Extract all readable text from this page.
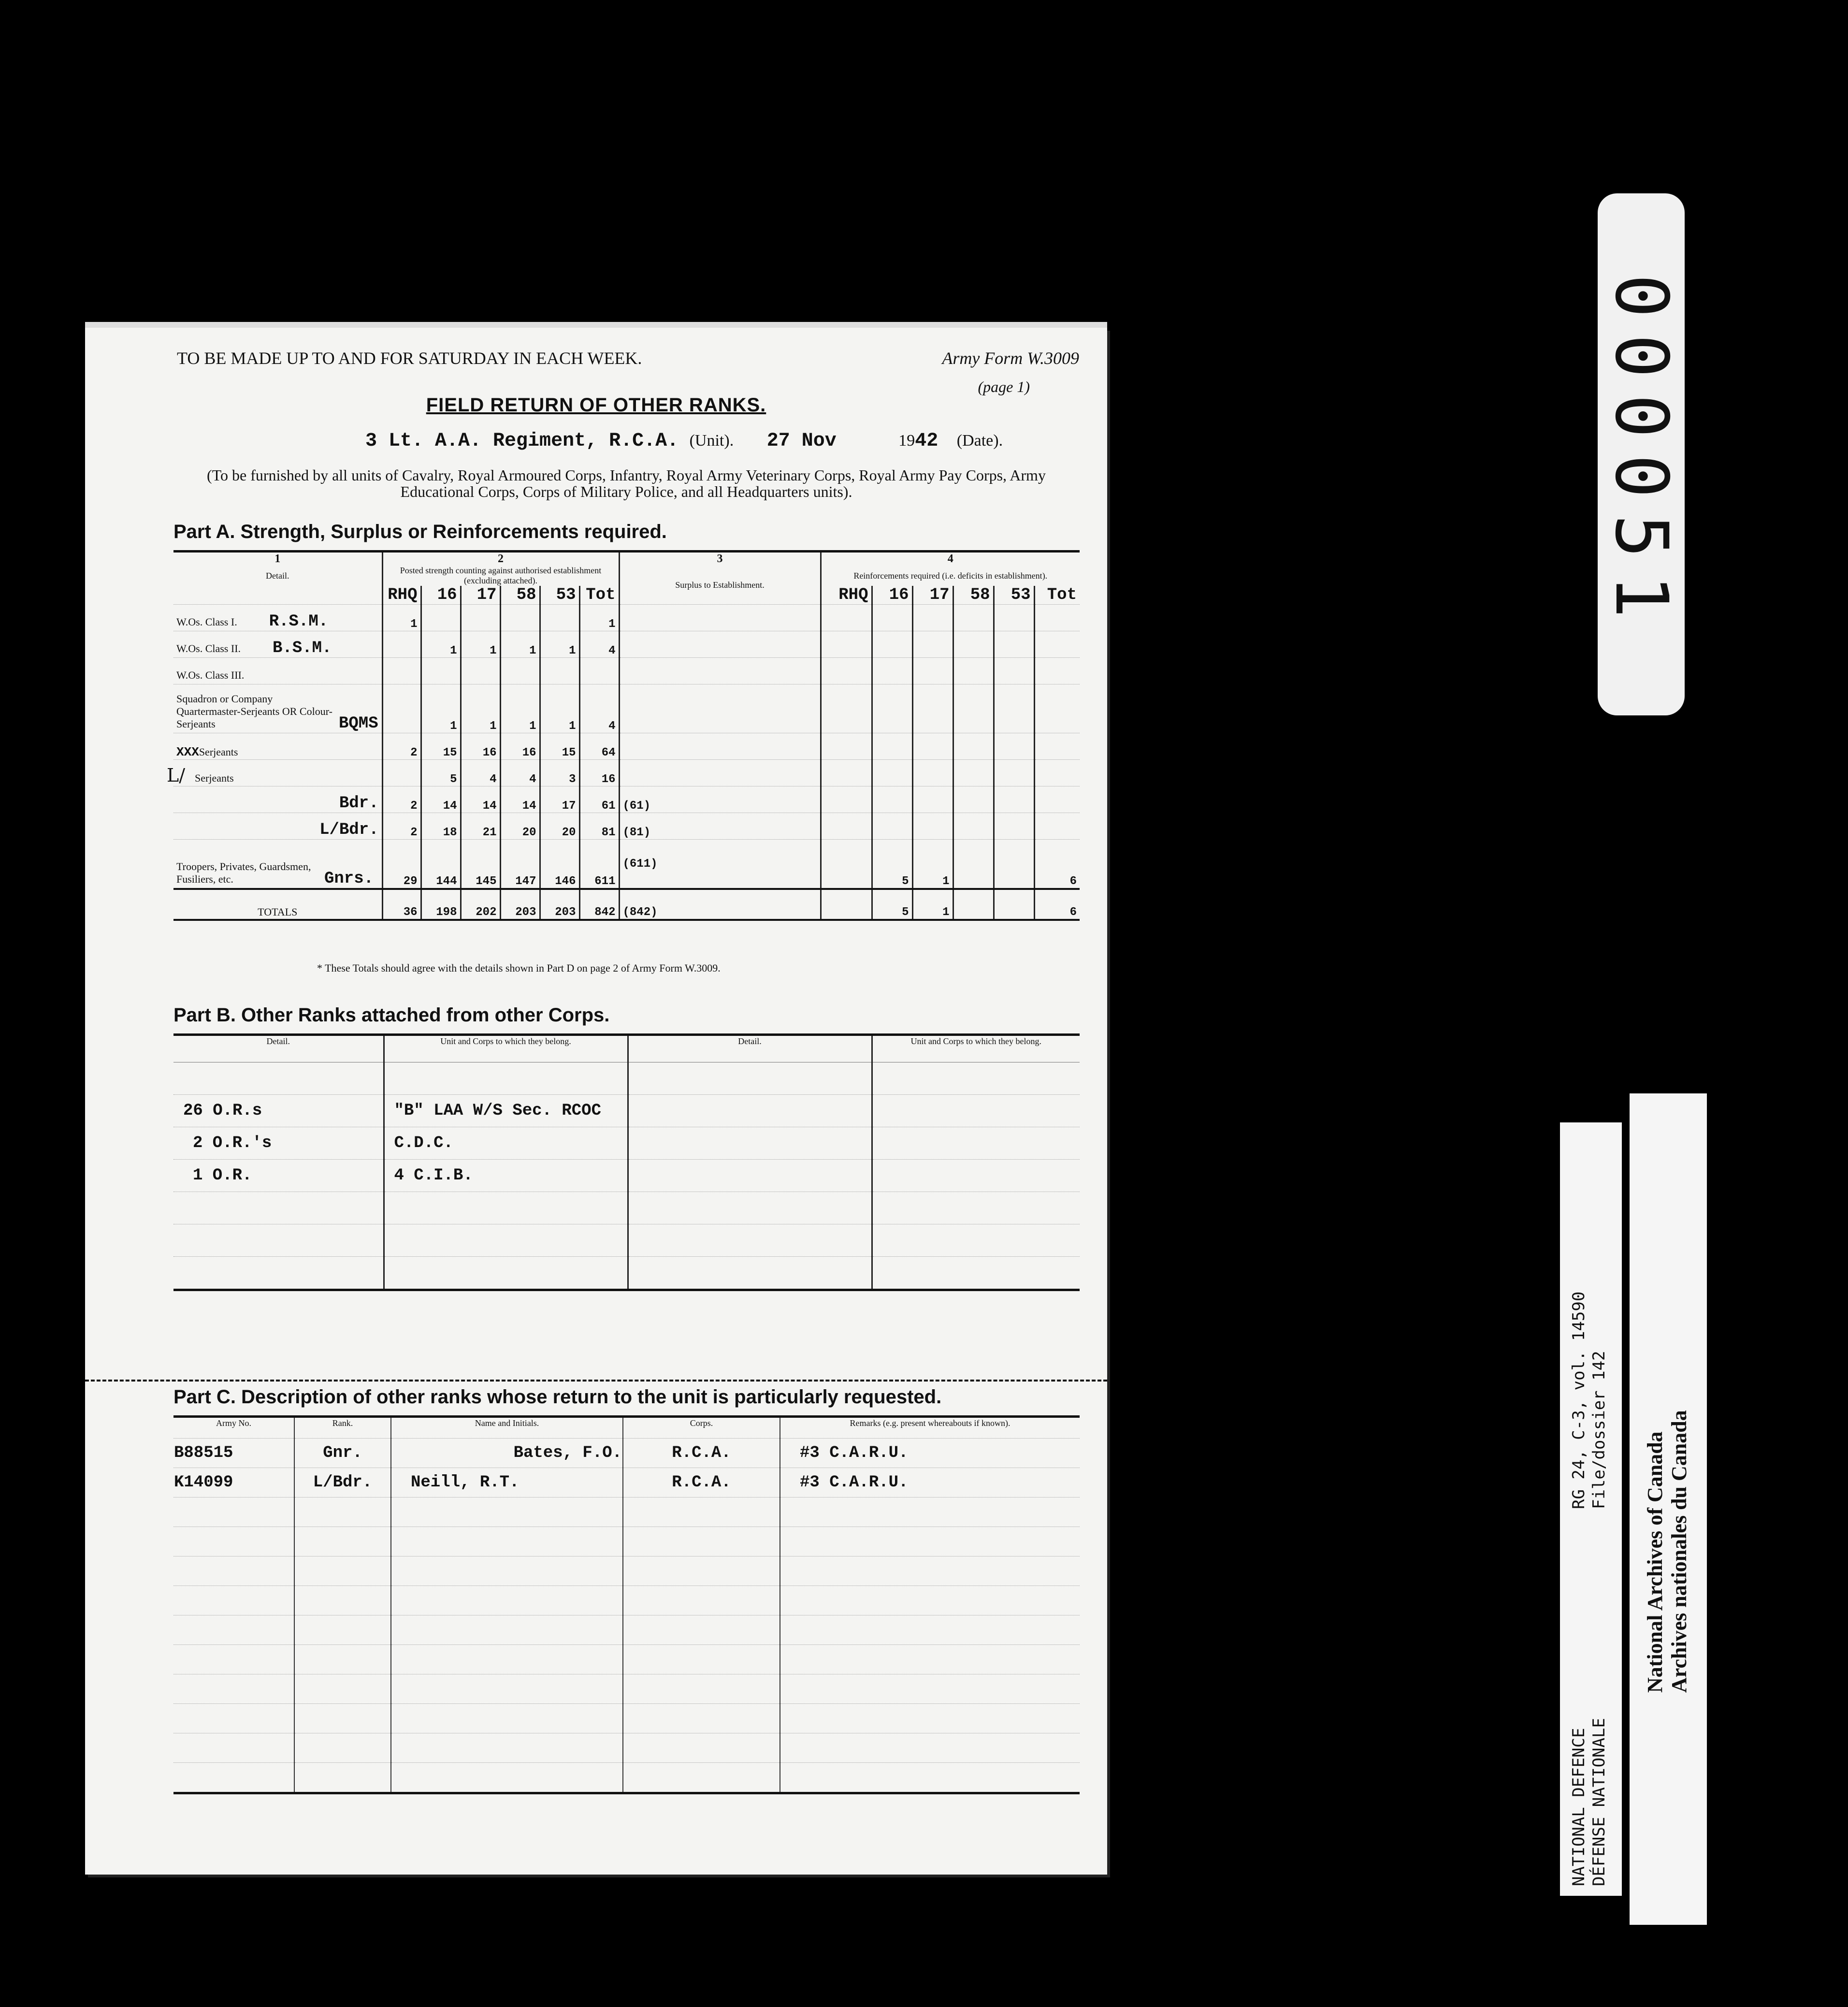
TO BE MADE UP TO AND FOR SATURDAY IN EACH WEEK.	Army Form W.3009
(page 1)
FIELD RETURN OF OTHER RANKS.
3 Lt. A.A. Regiment, R.C.A. (Unit). 27 Nov	1942 (Date).
(To be furnished by all units of Cavalry, Royal Armoured Corps, Infantry, Royal Army Veterinary Corps, Royal Army Pay Corps, Army Educational Corps, Corps of Military Police, and all Headquarters units).
Part A. Strength, Surplus or Reinforcements required.
1	2						3	4					
Detail.	Posted strength counting against authorised establishment (excluding attached).						Surplus to Establishment.	Reinforcements required (i.e. deficits in establishment).					
	RHQ	16	17	58	53	Tot		RHQ	16	17	58	53	Tot
W.Os. Class I. R.S.M.	1					1							
W.Os. Class II. B.S.M.		1	1	1	1	4							
W.Os. Class III.													
Squadron or Company Quartermaster-Serjeants OR Colour-Serjeants BQMS		1	1	1	1	4							
XXXSerjeants	2	15	16	16	15	64							
L/ Serjeants		5	4	4	3	16							
Bdr.	2	14	14	14	17	61	(61)						
L/Bdr.	2	18	21	20	20	81	(81)						
Troopers, Privates, Guardsmen, Fusiliers, etc. Gnrs.	29	144	145	147	146	611	(611)		5	1			6
TOTALS	36	198	202	203	203	842	(842)		5	1			6
* These Totals should agree with the details shown in Part D on page 2 of Army Form W.3009.
Part B. Other Ranks attached from other Corps.
Detail.	Unit and Corps to which they belong.	Detail.	Unit and Corps to which they belong.

26 O.R.s	"B" LAA W/S Sec. RCOC		
2 O.R.'s	C.D.C.		
1 O.R.	4 C.I.B.		

Part C. Description of other ranks whose return to the unit is particularly requested.
Army No.	Rank.	Name and Initials.	Corps.	Remarks (e.g. present whereabouts if known).
B88515	Gnr.	Bates, F.O.	R.C.A.	#3 C.A.R.U.
K14099	L/Bdr.	Neill, R.T.	R.C.A.	#3 C.A.R.U.

000051
RG 24, C-3, vol. 14590 File/dossier 142
NATIONAL DEFENCE DÉFENSE NATIONALE
National Archives of Canada Archives nationales du Canada
